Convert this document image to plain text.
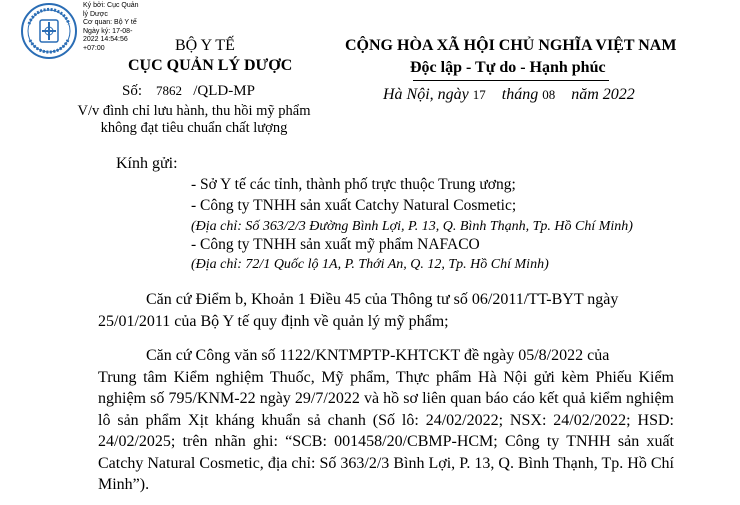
Ký bởi: Cục Quản
lý Dược
Cơ quan: Bộ Y tế
Ngày ký: 17-08-
2022 14:54:56
+07:00	BỘ Y TẾ
CỤC QUẢN LÝ DƯỢC
Số: 7862 /QLD-MP
V/v đình chỉ lưu hành, thu hồi mỹ phẩm
không đạt tiêu chuẩn chất lượng
CỘNG HÒA XÃ HỘI CHỦ NGHĨA VIỆT NAM
Độc lập - Tự do - Hạnh phúc
Hà Nội, ngày 17 tháng 08 năm 2022
Kính gửi:
- Sở Y tế các tỉnh, thành phố trực thuộc Trung ương;
- Công ty TNHH sản xuất Catchy Natural Cosmetic;
(Địa chỉ: Số 363/2/3 Đường Bình Lợi, P. 13, Q. Bình Thạnh, Tp. Hồ Chí Minh)
- Công ty TNHH sản xuất mỹ phẩm NAFACO
(Địa chỉ: 72/1 Quốc lộ 1A, P. Thới An, Q. 12, Tp. Hồ Chí Minh)
Căn cứ Điểm b, Khoản 1 Điều 45 của Thông tư số 06/2011/TT-BYT ngày
25/01/2011 của Bộ Y tế quy định về quản lý mỹ phẩm;
Căn cứ Công văn số 1122/KNTMPTP-KHTCKT đề ngày 05/8/2022 của
Trung tâm Kiểm nghiệm Thuốc, Mỹ phẩm, Thực phẩm Hà Nội gửi kèm Phiếu Kiểm nghiệm số 795/KNM-22 ngày 29/7/2022 và hồ sơ liên quan báo cáo kết quả kiểm nghiệm lô sản phẩm Xịt kháng khuẩn sả chanh (Số lô: 24/02/2022; NSX: 24/02/2022; HSD: 24/02/2025; trên nhãn ghi: “SCB: 001458/20/CBMP-HCM; Công ty TNHH sản xuất Catchy Natural Cosmetic, địa chỉ: Số 363/2/3 Bình Lợi, P. 13, Q. Bình Thạnh, Tp. Hồ Chí Minh”).
